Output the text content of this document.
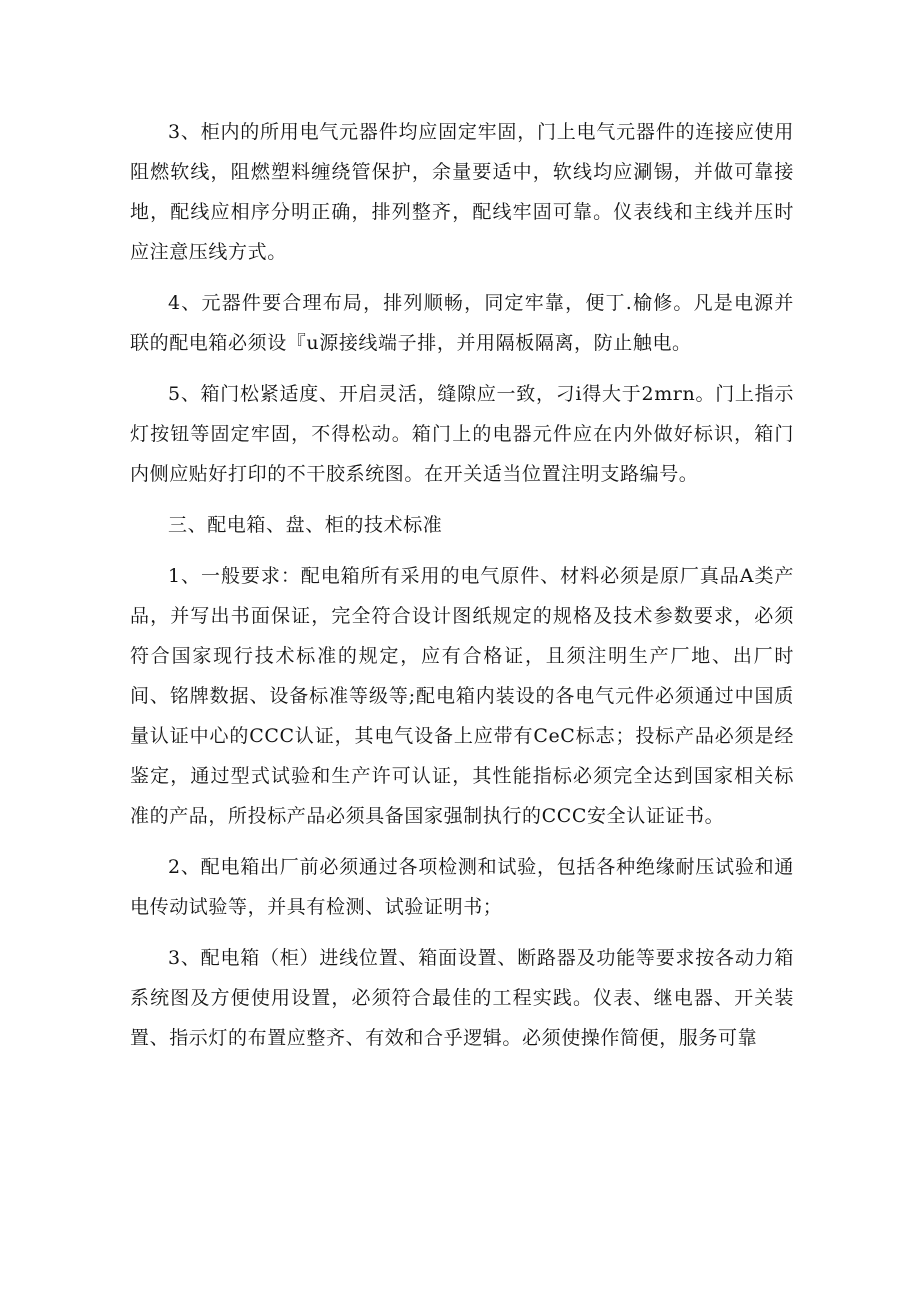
3、柜内的所用电气元器件均应固定牢固，门上电气元器件的连接应使用阻燃软线，阻燃塑料缠绕管保护，余量要适中，软线均应涮锡，并做可靠接地，配线应相序分明正确，排列整齐，配线牢固可靠。仪表线和主线并压时应注意压线方式。

4、元器件要合理布局，排列顺畅，同定牢靠，便丁.榆修。凡是电源并联的配电箱必须设『u源接线端子排，并用隔板隔离，防止触电。

5、箱门松紧适度、开启灵活，缝隙应一致，刁i得大于2mrn。门上指示灯按钮等固定牢固，不得松动。箱门上的电器元件应在内外做好标识，箱门内侧应贴好打印的不干胶系统图。在开关适当位置注明支路编号。

三、配电箱、盘、柜的技术标准

1、一般要求：配电箱所有采用的电气原件、材料必须是原厂真品A类产品，并写出书面保证，完全符合设计图纸规定的规格及技术参数要求，必须符合国家现行技术标准的规定，应有合格证，且须注明生产厂地、出厂时间、铭牌数据、设备标准等级等;配电箱内装设的各电气元件必须通过中国质量认证中心的CCC认证，其电气设备上应带有CeC标志；投标产品必须是经鉴定，通过型式试验和生产许可认证，其性能指标必须完全达到国家相关标准的产品，所投标产品必须具备国家强制执行的CCC安全认证证书。

2、配电箱出厂前必须通过各项检测和试验，包括各种绝缘耐压试验和通电传动试验等，并具有检测、试验证明书；

3、配电箱（柜）进线位置、箱面设置、断路器及功能等要求按各动力箱系统图及方便使用设置，必须符合最佳的工程实践。仪表、继电器、开关装置、指示灯的布置应整齐、有效和合乎逻辑。必须使操作简便，服务可靠
